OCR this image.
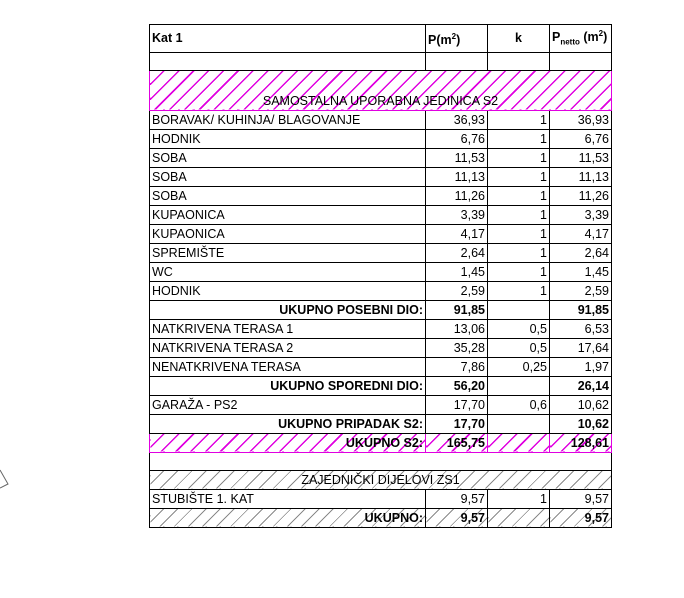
Kat 1	$P(m^2)$	k	$P_{netto}$ $(m^2)$

SAMOSTALNA UPORABNA JEDINICA S2			
BORAVAK/ KUHINJA/ BLAGOVANJE	36,93	1	36,93
HODNIK	6,76	1	6,76
SOBA	11,53	1	11,53
SOBA	11,13	1	11,13
SOBA	11,26	1	11,26
KUPAONICA	3,39	1	3,39
KUPAONICA	4,17	1	4,17
SPREMIŠTE	2,64	1	2,64
WC	1,45	1	1,45
HODNIK	2,59	1	2,59
UKUPNO POSEBNI DIO:	91,85		91,85
NATKRIVENA TERASA 1	13,06	0,5	6,53
NATKRIVENA TERASA 2	35,28	0,5	17,64
NENATKRIVENA TERASA	7,86	0,25	1,97
UKUPNO SPOREDNI DIO:	56,20		26,14
GARAŽA - PS2	17,70	0,6	10,62
UKUPNO PRIPADAK S2:	17,70		10,62
UKUPNO S2:	165,75		128,61

ZAJEDNIČKI DIJELOVI ZS1			
STUBIŠTE 1. KAT	9,57	1	9,57
UKUPNO:	9,57		9,57
